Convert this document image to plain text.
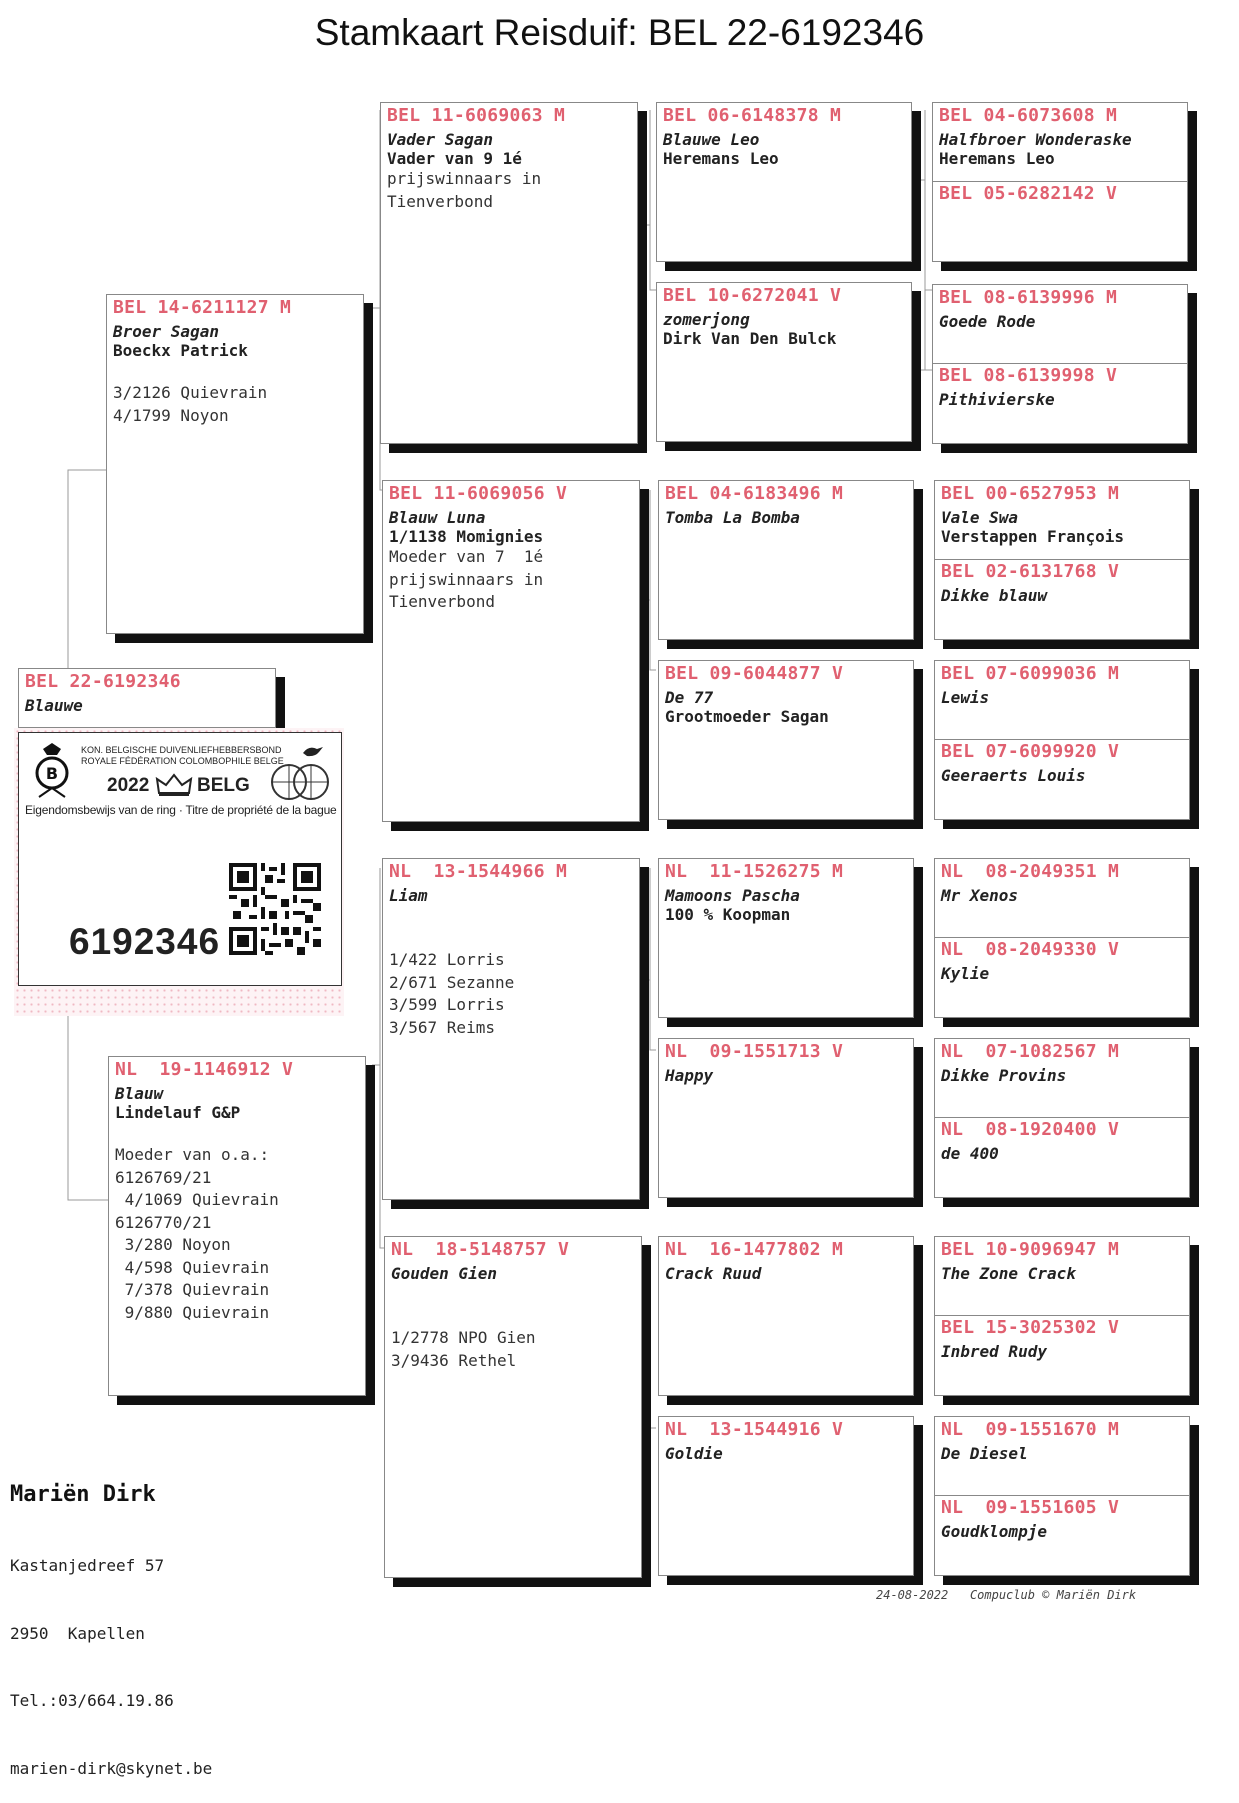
Stamkaart Reisduif: BEL 22-6192346
BEL 22-6192346
Blauwe
B
KON. BELGISCHE DUIVENLIEFHEBBERSBOND
ROYALE FÉDÉRATION COLOMBOPHILE BELGE
2022	BELG
Eigendomsbewijs van de ring · Titre de propriété de la bague
6192346
BEL 14-6211127 M
Broer Sagan
Boeckx Patrick
3/2126 Quievrain
4/1799 Noyon
NL  19-1146912 V
Blauw
Lindelauf G&P
Moeder van o.a.:
6126769/21
4/1069 Quievrain
6126770/21
3/280 Noyon
4/598 Quievrain
7/378 Quievrain
9/880 Quievrain
BEL 11-6069063 M
Vader Sagan
Vader van 9 1é
prijswinnaars in
Tienverbond
BEL 11-6069056 V
Blauw Luna
1/1138 Momignies
Moeder van 7  1é
prijswinnaars in
Tienverbond
NL  13-1544966 M
Liam
1/422 Lorris
2/671 Sezanne
3/599 Lorris
3/567 Reims
NL  18-5148757 V
Gouden Gien
1/2778 NPO Gien
3/9436 Rethel
BEL 06-6148378 M
Blauwe Leo
Heremans Leo
BEL 10-6272041 V
zomerjong
Dirk Van Den Bulck
BEL 04-6183496 M
Tomba La Bomba
BEL 09-6044877 V
De 77
Grootmoeder Sagan
NL  11-1526275 M
Mamoons Pascha
100 % Koopman
NL  09-1551713 V
Happy
NL  16-1477802 M
Crack Ruud
NL  13-1544916 V
Goldie
BEL 04-6073608 M
Halfbroer Wonderaske
Heremans Leo
BEL 05-6282142 V
BEL 08-6139996 M
Goede Rode
BEL 08-6139998 V
Pithivierske
BEL 00-6527953 M
Vale Swa
Verstappen François
BEL 02-6131768 V
Dikke blauw
BEL 07-6099036 M
Lewis
BEL 07-6099920 V
Geeraerts Louis
NL  08-2049351 M
Mr Xenos
NL  08-2049330 V
Kylie
NL  07-1082567 M
Dikke Provins
NL  08-1920400 V
de 400
BEL 10-9096947 M
The Zone Crack
BEL 15-3025302 V
Inbred Rudy
NL  09-1551670 M
De Diesel
NL  09-1551605 V
Goudklompje

Mariën Dirk

Kastanjedreef 57

2950  Kapellen

Tel.:03/664.19.86

marien-dirk@skynet.be

24-08-2022 Compuclub © Mariën Dirk
